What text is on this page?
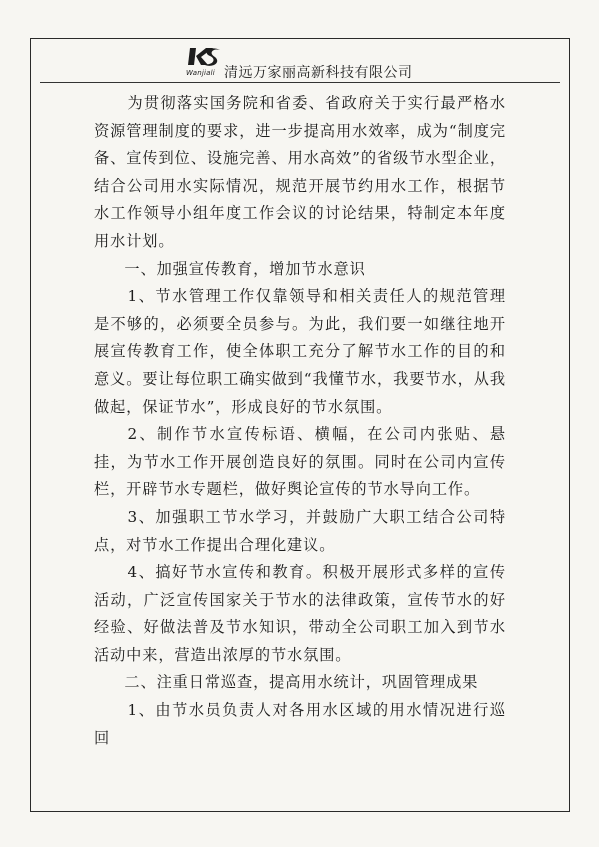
Wanjiali 清远万家丽高新科技有限公司

为贯彻落实国务院和省委、省政府关于实行最严格水资源管理制度的要求，进一步提高用水效率，成为“制度完备、宣传到位、设施完善、用水高效”的省级节水型企业，结合公司用水实际情况，规范开展节约用水工作，根据节水工作领导小组年度工作会议的讨论结果，特制定本年度用水计划。

一、加强宣传教育，增加节水意识

1、节水管理工作仅靠领导和相关责任人的规范管理是不够的，必须要全员参与。为此，我们要一如继往地开展宣传教育工作，使全体职工充分了解节水工作的目的和意义。要让每位职工确实做到“我懂节水，我要节水，从我做起，保证节水”，形成良好的节水氛围。

2、制作节水宣传标语、横幅，在公司内张贴、悬挂，为节水工作开展创造良好的氛围。同时在公司内宣传栏，开辟节水专题栏，做好舆论宣传的节水导向工作。

3、加强职工节水学习，并鼓励广大职工结合公司特点，对节水工作提出合理化建议。

4、搞好节水宣传和教育。积极开展形式多样的宣传活动，广泛宣传国家关于节水的法律政策，宣传节水的好经验、好做法普及节水知识，带动全公司职工加入到节水活动中来，营造出浓厚的节水氛围。

二、注重日常巡查，提高用水统计，巩固管理成果

1、由节水员负责人对各用水区域的用水情况进行巡回
